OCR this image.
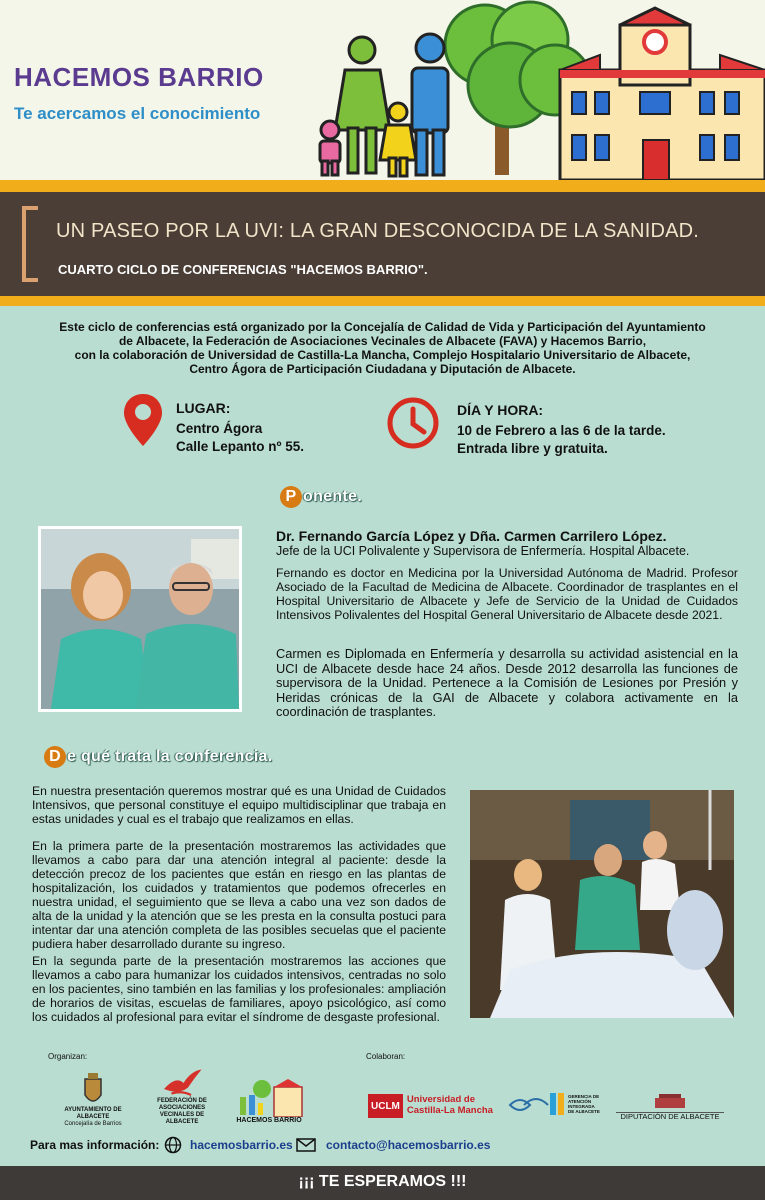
HACEMOS BARRIO
Te acercamos el conocimiento
UN PASEO POR LA UVI: LA GRAN DESCONOCIDA DE LA SANIDAD.
CUARTO CICLO DE CONFERENCIAS "HACEMOS BARRIO".
Este ciclo de conferencias está organizado por la Concejalía de Calidad de Vida y Participación del Ayuntamiento
de Albacete, la Federación de Asociaciones Vecinales de Albacete (FAVA) y Hacemos Barrio,
con la colaboración de Universidad de Castilla-La Mancha, Complejo Hospitalario Universitario de Albacete,
Centro Ágora de Participación Ciudadana y Diputación de Albacete.
LUGAR:
Centro Ágora
Calle Lepanto nº 55.
DÍA Y HORA:
10 de Febrero a las 6 de la tarde.
Entrada libre y gratuita.
P onente.
Dr. Fernando García López y Dña. Carmen Carrilero López.
Jefe de la UCI Polivalente y Supervisora de Enfermería. Hospital Albacete.
Fernando es doctor en Medicina por la Universidad Autónoma de Madrid. Profesor Asociado de la Facultad de Medicina de Albacete. Coordinador de trasplantes en el Hospital Universitario de Albacete y Jefe de Servicio de la Unidad de Cuidados Intensivos Polivalentes del Hospital General Universitario de Albacete desde 2021.
Carmen es Diplomada en Enfermería y desarrolla su actividad asistencial en la UCI de Albacete desde hace 24 años. Desde 2012 desarrolla las funciones de supervisora de la Unidad. Pertenece a la Comisión de Lesiones por Presión y Heridas crónicas de la GAI de Albacete y colabora activamente en la coordinación de trasplantes.
D e qué trata la conferencia.
En nuestra presentación queremos mostrar qué es una Unidad de Cuidados Intensivos, que personal constituye el equipo multidisciplinar que trabaja en estas unidades y cual es el trabajo que realizamos en ellas.
En la primera parte de la presentación mostraremos las actividades que llevamos a cabo para dar una atención integral al paciente: desde la detección precoz de los pacientes que están en riesgo en las plantas de hospitalización, los cuidados y tratamientos que podemos ofrecerles en nuestra unidad, el seguimiento que se lleva a cabo una vez son dados de alta de la unidad y la atención que se les presta en la consulta postuci para intentar dar una atención completa de las posibles secuelas que el paciente pudiera haber desarrollado durante su ingreso.
En la segunda parte de la presentación mostraremos las acciones que llevamos a cabo para humanizar los cuidados intensivos, centradas no solo en los pacientes, sino también en las familias y los profesionales: ampliación de horarios de visitas, escuelas de familiares, apoyo psicológico, así como los cuidados al profesional para evitar el síndrome de desgaste profesional.
Organizan:	Colaboran:
AYUNTAMIENTO DE ALBACETE
Concejalía de Barrios
FEDERACIÓN DE ASOCIACIONES VECINALES DE ALBACETE	HACEMOS BARRIO
UCLM
Universidad de
Castilla-La Mancha
GERENCIA DE ATENCIÓN INTEGRADA DE ALBACETE
DIPUTACIÓN DE ALBACETE
Para mas información:	hacemosbarrio.es	contacto@hacemosbarrio.es
¡¡¡ TE ESPERAMOS !!!
